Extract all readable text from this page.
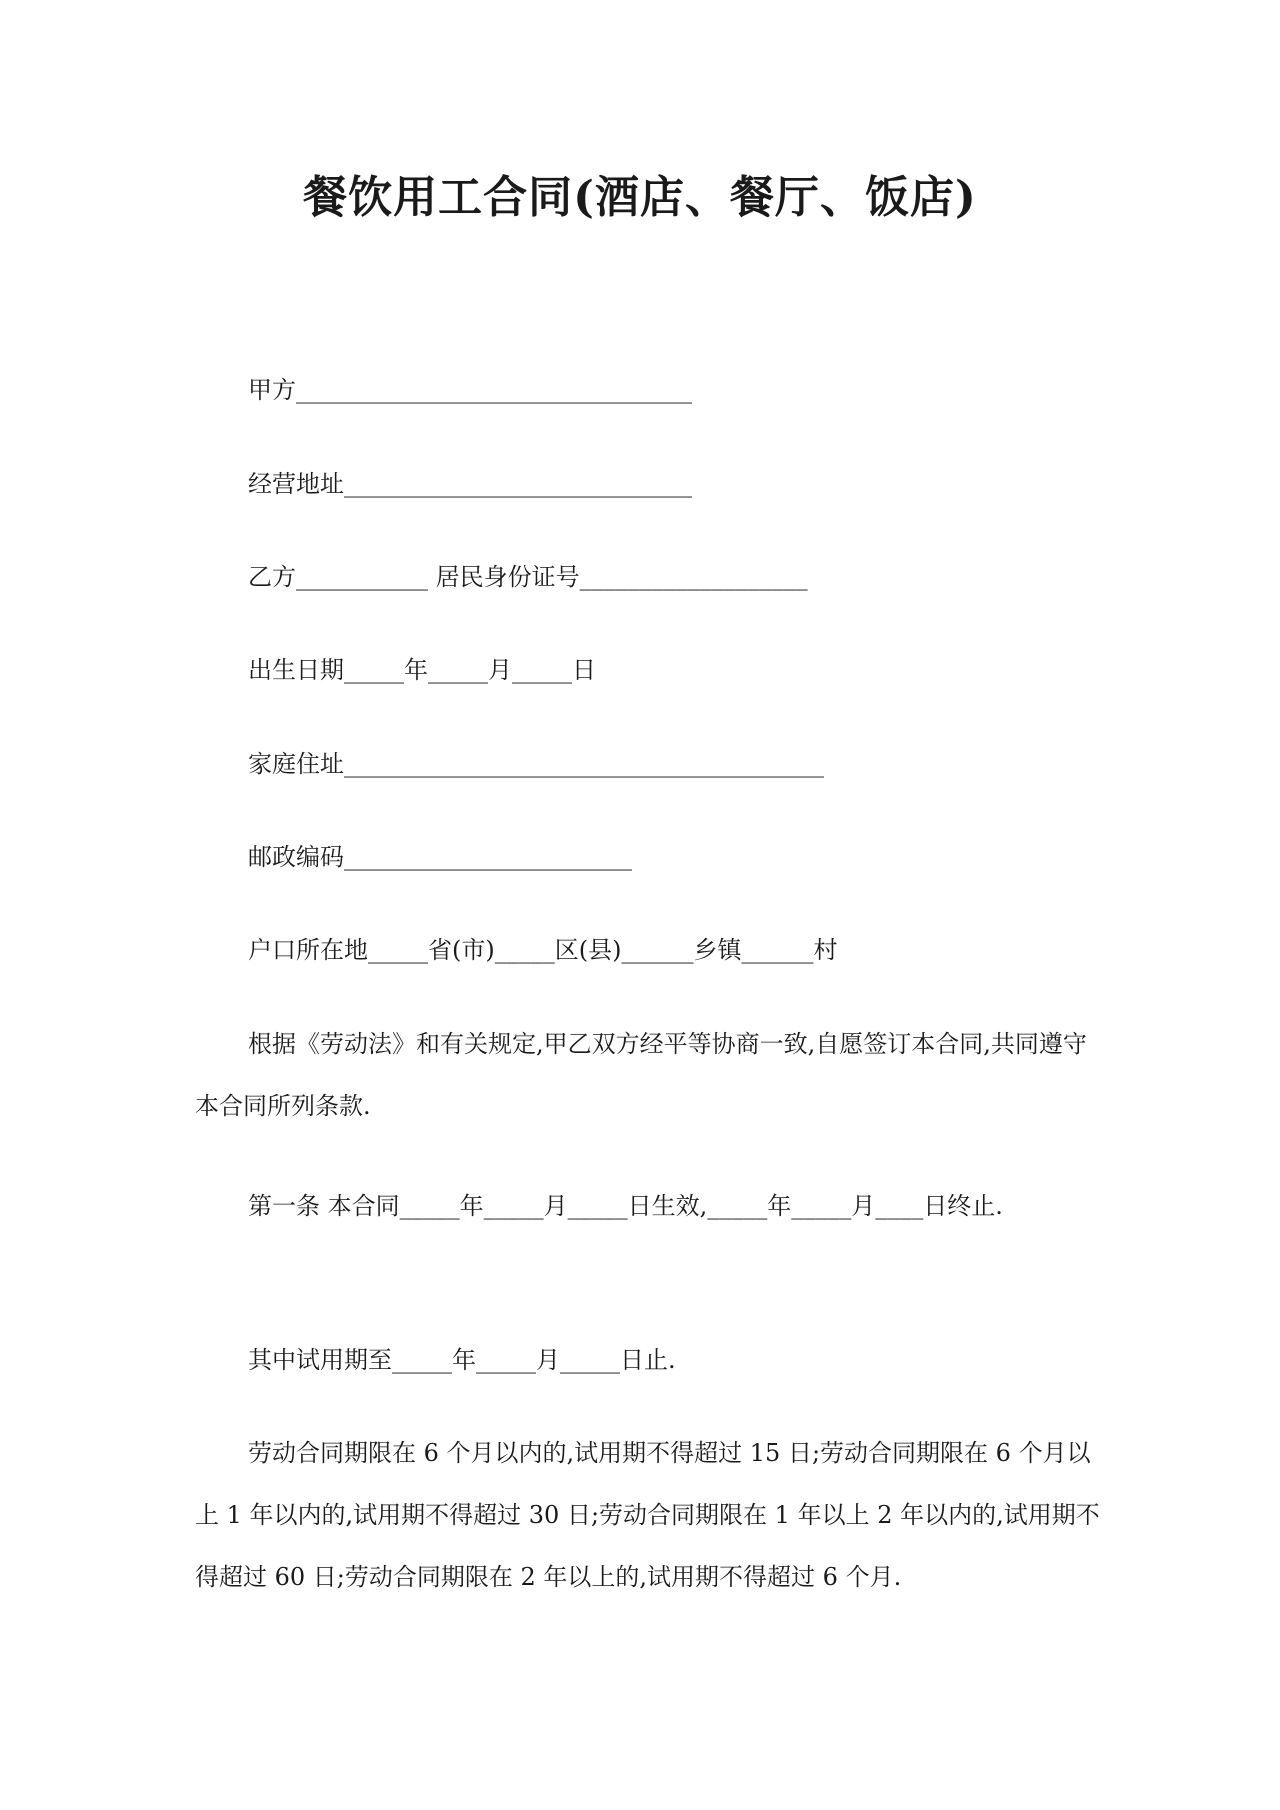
餐饮用工合同(酒店、餐厅、饭店)

甲方_________________________________

经营地址_____________________________

乙方___________ 居民身份证号___________________

出生日期_____年_____月_____日

家庭住址________________________________________

邮政编码________________________

户口所在地_____省(市)_____区(县)______乡镇______村

根据《劳动法》和有关规定,甲乙双方经平等协商一致,自愿签订本合同,共同遵守本合同所列条款.

第一条 本合同_____年_____月_____日生效,_____年_____月____日终止.

其中试用期至_____年_____月_____日止.

劳动合同期限在 6 个月以内的,试用期不得超过 15 日;劳动合同期限在 6 个月以上 1 年以内的,试用期不得超过 30 日;劳动合同期限在 1 年以上 2 年以内的,试用期不得超过 60 日;劳动合同期限在 2 年以上的,试用期不得超过 6 个月.
